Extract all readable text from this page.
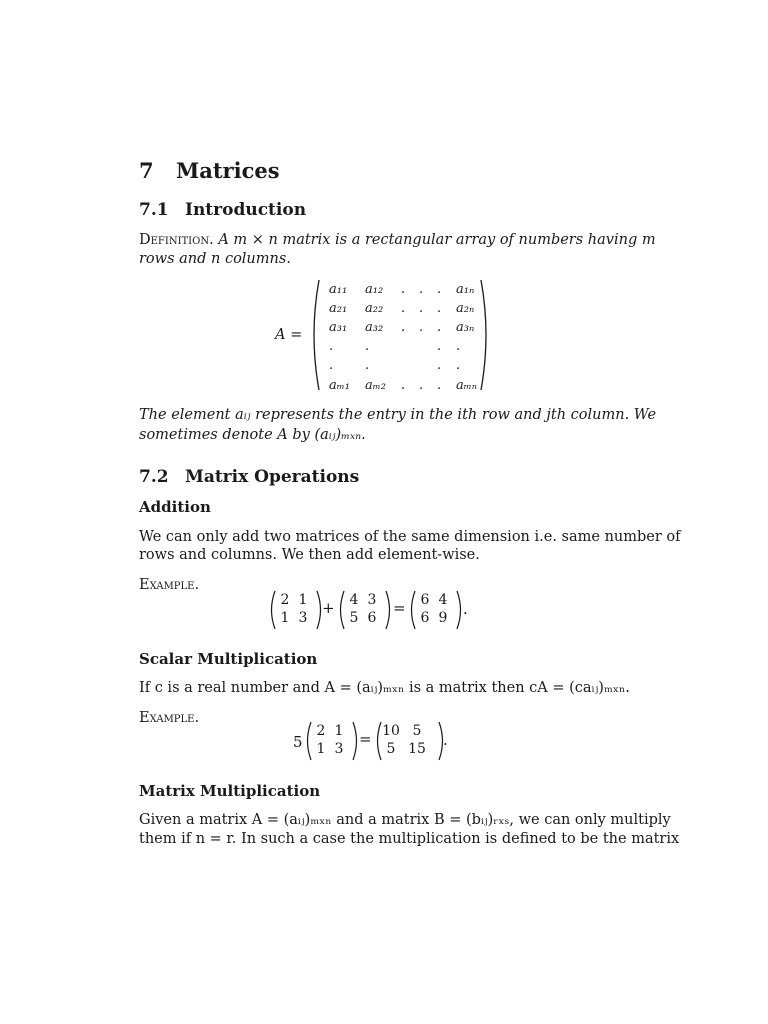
7 Matrices
7.1 Introduction
Definition. A m × n matrix is a rectangular array of numbers having m
rows and n columns.
A =
a₁₁ a₁₂ . . . a₁ₙ
a₂₁ a₂₂ . . . a₂ₙ
a₃₁ a₃₂ . . . a₃ₙ
. .	. .
. .	. .
aₘ₁ aₘ₂ . . . aₘₙ
The element aᵢⱼ represents the entry in the ith row and jth column. We
sometimes denote A by (aᵢⱼ)ₘₓₙ.
7.2 Matrix Operations
Addition
We can only add two matrices of the same dimension i.e. same number of
rows and columns. We then add element-wise.
Example.
2 1
1 3
+	4 3
5 6
=	6 4
6 9	.
Scalar Multiplication
If c is a real number and A = (aᵢⱼ)ₘₓₙ is a matrix then cA = (caᵢⱼ)ₘₓₙ.
Example.
5
2 1
1 3
= 10 5
5 15 .
Matrix Multiplication
Given a matrix A = (aᵢⱼ)ₘₓₙ and a matrix B = (bᵢⱼ)ᵣₓₛ, we can only multiply
them if n = r. In such a case the multiplication is defined to be the matrix
